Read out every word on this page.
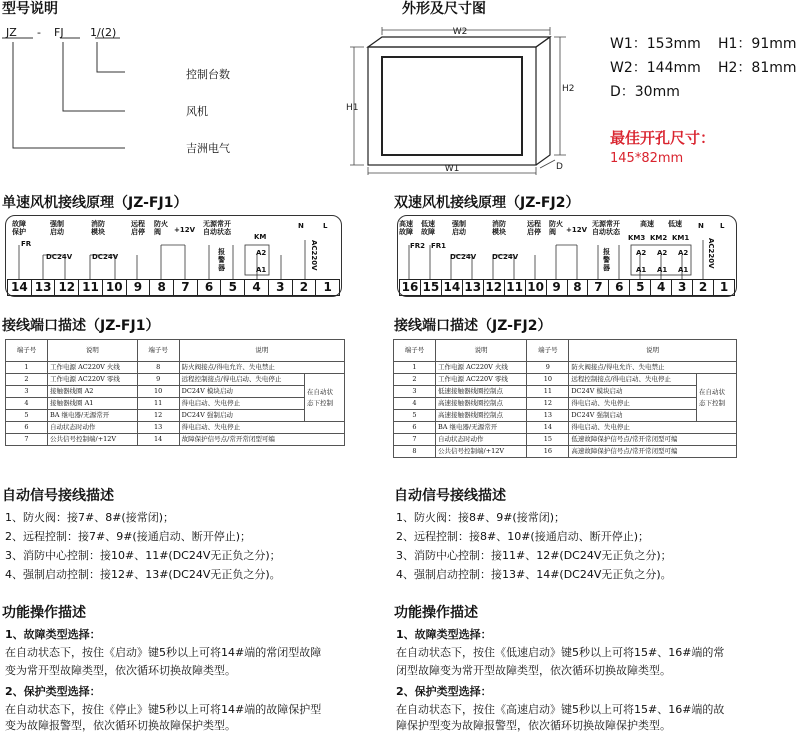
型号说明
JZ - FJ 1/(2)
控制台数
风机
吉洲电气
外形及尺寸图
W2
H1
H2
W1	D
W1：153mm H1：91mm
W2：144mm H2：81mm
D：30mm
最佳开孔尺寸：
145*82mm
单速风机接线原理（JZ-FJ1）
故障
保护
强制
启动
消防
模块
远程
启停
防火
阀	+12V
无源常开
自动状态
KM
A2
A1
N	L
AC220V
报
警
器
FR
DC24V	DC24V
14 13 12 11 10 9	8	7	6	5	4	3	2	1
双速风机接线原理（JZ-FJ2）
高速
故障
低速
故障
强制
启动
消防
模块
远程
启停
防火
阀	+12V
无源常开
自动状态
高速 低速
KM3 KM2 KM1
A2 A2 A2
A1 A1 A1
N L
AC220V
FR2 FR1
DC24V DC24V
报
警
器
16 15 14 13 12 11 10 9	8	7	6	5	4	3	2	1
接线端口描述（JZ-FJ1）
端子号	说明	端子号	说明	
1	工作电源 AC220V 火线	8	防火阀接点/得电允许、失电禁止	
2	工作电源 AC220V 零线	9	远程控制接点/得电启动、失电停止	在自动状
态下控制
3	接触器线圈 A2	10	DC24V 模块启动	
4	接触器线圈 A1	11	得电启动、失电停止	
5	BA 继电器/无源常开	12	DC24V 强制启动	
6	自动状态时动作	13	得电启动、失电停止	
7	公共信号控制端/+12V	14	故障保护信号点/常开常闭型可编	
接线端口描述（JZ-FJ2）
端子号	说明	端子号	说明	
1	工作电源 AC220V 火线	9	防火阀接点/得电允许、失电禁止	
2	工作电源 AC220V 零线	10	远程控制接点/得电启动、失电停止	在自动状
态下控制
3	低速接触器线圈控制点	11	DC24V 模块启动	
4	高速接触器线圈控制点	12	得电启动、失电停止	
5	高速接触器线圈控制点	13	DC24V 强制启动	
6	BA 继电器/无源常开	14	得电启动、失电停止	
7	自动状态时动作	15	低速故障保护信号点/常开常闭型可编	
8	公共信号控制端/+12V	16	高速故障保护信号点/常开常闭型可编	
自动信号接线描述
1、防火阀：接7#、8#(接常闭)；
2、远程控制：接7#、9#(接通启动、断开停止)；
3、消防中心控制：接10#、11#(DC24V无正负之分)；
4、强制启动控制：接12#、13#(DC24V无正负之分)。
自动信号接线描述
1、防火阀：接8#、9#(接常闭)；
2、远程控制：接8#、10#(接通启动、断开停止)；
3、消防中心控制：接11#、12#(DC24V无正负之分)；
4、强制启动控制：接13#、14#(DC24V无正负之分)。
功能操作描述
1、故障类型选择：
在自动状态下，按住《启动》键5秒以上可将14#端的常闭型故障
变为常开型故障类型，依次循环切换故障类型。
2、保护类型选择：
在自动状态下，按住《停止》键5秒以上可将14#端的故障保护型
变为故障报警型，依次循环切换故障保护类型。
功能操作描述
1、故障类型选择：
在自动状态下，按住《低速启动》键5秒以上可将15#、16#端的常
闭型故障变为常开型故障类型，依次循环切换故障类型。
2、保护类型选择：
在自动状态下，按住《高速启动》键5秒以上可将15#、16#端的故
障保护型变为故障报警型，依次循环切换故障保护类型。
